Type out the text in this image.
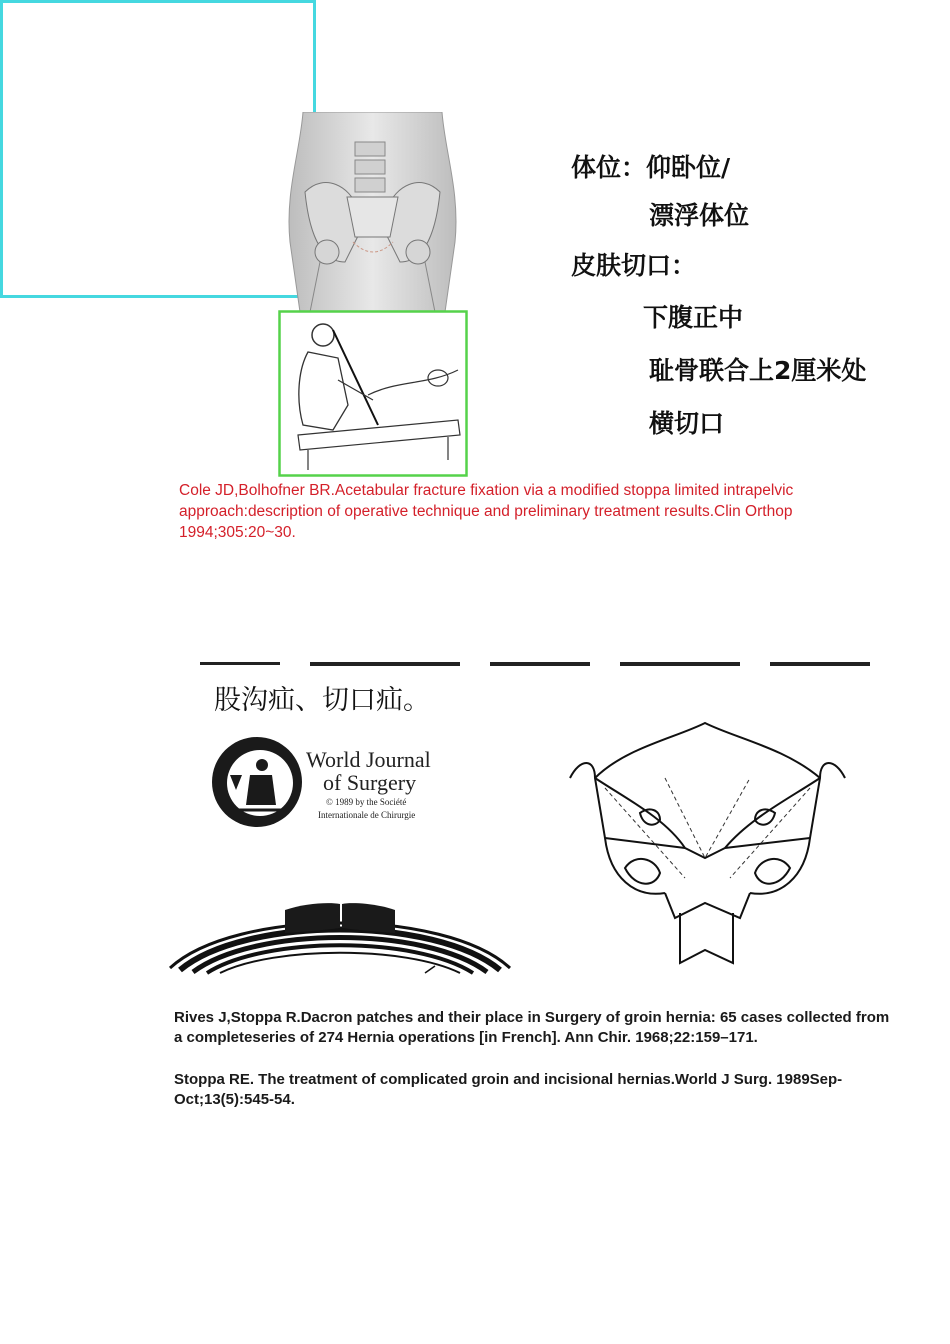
体位：仰卧位/
漂浮体位
皮肤切口：
下腹正中
耻骨联合上2厘米处
横切口
Cole JD,Bolhofner BR.Acetabular fracture fixation via a modified stoppa limited intrapelvic approach:description of operative technique and preliminary treatment results.Clin Orthop 1994;305:20~30.
股沟疝、切口疝。
World Journal
of Surgery
© 1989 by the Société
Internationale de Chirurgie
Rives J,Stoppa R.Dacron patches and their place in Surgery of groin hernia: 65 cases collected from a completeseries of 274 Hernia operations [in French]. Ann Chir. 1968;22:159–171.
Stoppa RE. The treatment of complicated groin and incisional hernias.World J Surg. 1989Sep-Oct;13(5):545-54.
